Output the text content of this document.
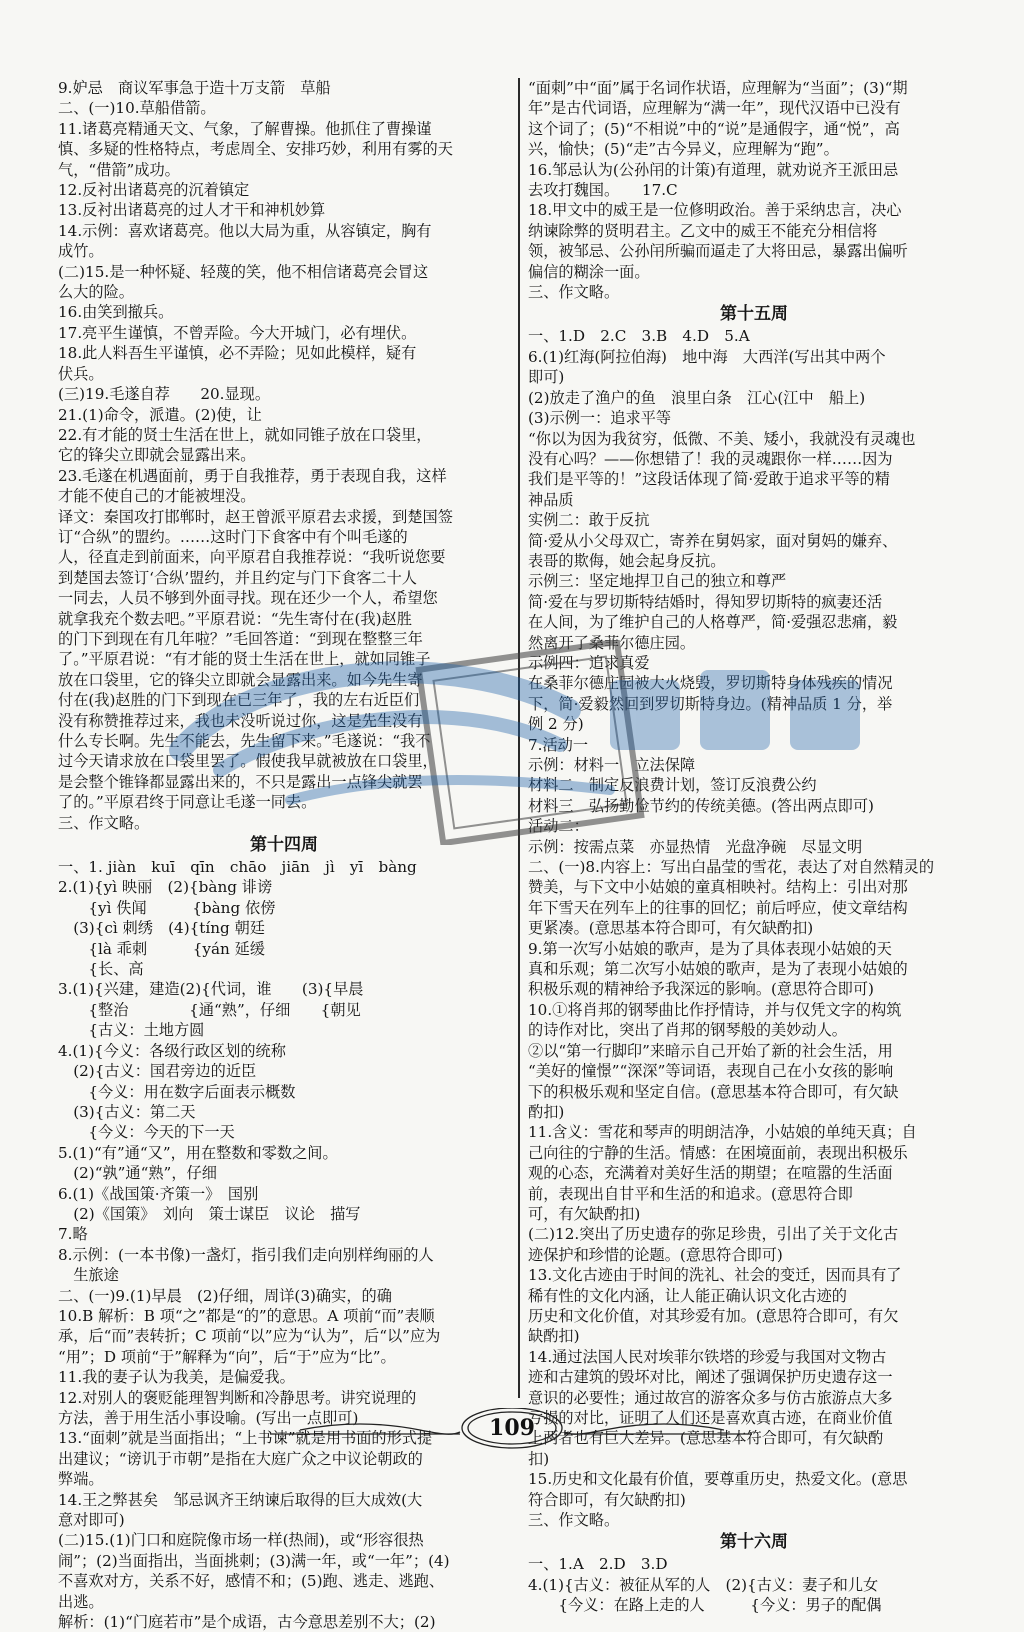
9.妒忌　商议军事急于造十万支箭　草船
二、(一)10.草船借箭。
11.诸葛亮精通天文、气象，了解曹操。他抓住了曹操谨
慎、多疑的性格特点，考虑周全、安排巧妙，利用有雾的天
气，“借箭”成功。
12.反衬出诸葛亮的沉着镇定
13.反衬出诸葛亮的过人才干和神机妙算
14.示例：喜欢诸葛亮。他以大局为重，从容镇定，胸有
成竹。
(二)15.是一种怀疑、轻蔑的笑，他不相信诸葛亮会冒这
么大的险。
16.由笑到撤兵。
17.亮平生谨慎，不曾弄险。今大开城门，必有埋伏。
18.此人料吾生平谨慎，必不弄险；见如此模样，疑有
伏兵。
(三)19.毛遂自荐　　20.显现。
21.(1)命令，派遣。(2)使，让
22.有才能的贤士生活在世上，就如同锥子放在口袋里，
它的锋尖立即就会显露出来。
23.毛遂在机遇面前，勇于自我推荐，勇于表现自我，这样
才能不使自己的才能被埋没。
译文：秦国攻打邯郸时，赵王曾派平原君去求援，到楚国签
订“合纵”的盟约。……这时门下食客中有个叫毛遂的
人，径直走到前面来，向平原君自我推荐说：“我听说您要
到楚国去签订‘合纵’盟约，并且约定与门下食客二十人
一同去，人员不够到外面寻找。现在还少一个人，希望您
就拿我充个数去吧。”平原君说：“先生寄付在(我)赵胜
的门下到现在有几年啦？”毛回答道：“到现在整整三年
了。”平原君说：“有才能的贤士生活在世上，就如同锥子
放在口袋里，它的锋尖立即就会显露出来。如今先生寄
付在(我)赵胜的门下到现在已三年了，我的左右近臣们
没有称赞推荐过来，我也未没听说过你，这是先生没有
什么专长啊。先生不能去，先生留下来。”毛遂说：“我不
过今天请求放在口袋里罢了。假使我早就被放在口袋里，
是会整个锥锋都显露出来的，不只是露出一点锋尖就罢
了的。”平原君终于同意让毛遂一同去。
三、作文略。
第十四周
一、1. jiàn　kuī　qīn　chāo　jiān　jì　yī　bàng
2.(1){yì 映丽　(2){bàng 诽谤
　　{yì 佚闻　　　{bàng 依傍
　(3){cì 刺绣　(4){tíng 朝廷
　　{là 乖刺　　　{yán 延缓
　　{长、高
3.(1){兴建，建造(2){代词，谁　　(3){早晨
　　{整治　　　　{通“熟”，仔细　　{朝见
　　{古义：土地方圆
4.(1){今义：各级行政区划的统称
　(2){古义：国君旁边的近臣
　　{今义：用在数字后面表示概数
　(3){古义：第二天
　　{今义：今天的下一天
5.(1)“有”通“又”，用在整数和零数之间。
　(2)“孰”通“熟”，仔细
6.(1)《战国策·齐策一》　国别
　(2)《国策》　刘向　策士谋臣　议论　描写
7.略
8.示例：(一本书像)一盏灯，指引我们走向别样绚丽的人
　生旅途
二、(一)9.(1)早晨　(2)仔细，周详(3)确实，的确
10.B 解析：B 项“之”都是“的”的意思。A 项前“而”表顺
承，后“而”表转折；C 项前“以”应为“认为”，后“以”应为
“用”；D 项前“于”解释为“向”，后“于”应为“比”。
11.我的妻子认为我美，是偏爱我。
12.对别人的褒贬能理智判断和冷静思考。讲究说理的
方法，善于用生活小事设喻。(写出一点即可)
13.“面刺”就是当面指出；“上书谏”就是用书面的形式提
出建议；“谤讥于市朝”是指在大庭广众之中议论朝政的
弊端。
14.王之弊甚矣　邹忌讽齐王纳谏后取得的巨大成效(大
意对即可)
(二)15.(1)门口和庭院像市场一样(热闹)，或“形容很热
闹”；(2)当面指出，当面挑刺；(3)满一年，或“一年”；(4)
不喜欢对方，关系不好，感情不和；(5)跑、逃走、逃跑、
出逃。
解析：(1)“门庭若市”是个成语，古今意思差别不大；(2)
“面刺”中“面”属于名词作状语，应理解为“当面”；(3)“期
年”是古代词语，应理解为“满一年”，现代汉语中已没有
这个词了；(5)“不相说”中的“说”是通假字，通“悦”，高
兴，愉快；(5)“走”古今异义，应理解为“跑”。
16.邹忌认为(公孙闬的计策)有道理，就劝说齐王派田忌
去攻打魏国。　　17.C
18.甲文中的威王是一位修明政治。善于采纳忠言，决心
纳谏除弊的贤明君主。乙文中的威王不能充分相信将
领，被邹忌、公孙闬所骗而逼走了大将田忌，暴露出偏听
偏信的糊涂一面。
三、作文略。
第十五周
一、1.D　2.C　3.B　4.D　5.A
6.(1)红海(阿拉伯海)　地中海　大西洋(写出其中两个
即可)
(2)放走了渔户的鱼　浪里白条　江心(江中　船上)
(3)示例一：追求平等
“你以为因为我贫穷，低微、不美、矮小，我就没有灵魂也
没有心吗？——你想错了！我的灵魂跟你一样……因为
我们是平等的！”这段话体现了简·爱敢于追求平等的精
神品质
实例二：敢于反抗
简·爱从小父母双亡，寄养在舅妈家，面对舅妈的嫌弃、
表哥的欺侮，她会起身反抗。
示例三：坚定地捍卫自己的独立和尊严
简·爱在与罗切斯特结婚时，得知罗切斯特的疯妻还活
在人间，为了维护自己的人格尊严，简·爱强忍悲痛，毅
然离开了桑菲尔德庄园。
示例四：追求真爱
在桑菲尔德庄园被大火烧毁，罗切斯特身体残疾的情况
下，简·爱毅然回到罗切斯特身边。(精神品质 1 分，举
例 2 分)
7.活动一
示例：材料一　立法保障
材料二　制定反浪费计划，签订反浪费公约
材料三　弘扬勤俭节约的传统美德。(答出两点即可)
活动二：
示例：按需点菜　亦显热情　光盘净碗　尽显文明
二、(一)8.内容上：写出白晶莹的雪花，表达了对自然精灵的
赞美，与下文中小姑娘的童真相映衬。结构上：引出对那
年下雪天在列车上的往事的回忆；前后呼应，使文章结构
更紧凑。(意思基本符合即可，有欠缺酌扣)
9.第一次写小姑娘的歌声，是为了具体表现小姑娘的天
真和乐观；第二次写小姑娘的歌声，是为了表现小姑娘的
积极乐观的精神给予我深远的影响。(意思符合即可)
10.①将肖邦的钢琴曲比作抒情诗，并与仅凭文字的构筑
的诗作对比，突出了肖邦的钢琴般的美妙动人。
②以“第一行脚印”来暗示自己开始了新的社会生活，用
“美好的憧憬”“深深”等词语，表现自己在小女孩的影响
下的积极乐观和坚定自信。(意思基本符合即可，有欠缺
酌扣)
11.含义：雪花和琴声的明朗洁净，小姑娘的单纯天真；自
己向往的宁静的生活。情感：在困境面前，表现出积极乐
观的心态，充满着对美好生活的期望；在喧嚣的生活面
前，表现出自甘平和生活的和追求。(意思符合即
可，有欠缺酌扣)
(二)12.突出了历史遗存的弥足珍贵，引出了关于文化古
迹保护和珍惜的论题。(意思符合即可)
13.文化古迹由于时间的洗礼、社会的变迁，因而具有了
稀有性的文化内涵，让人能正确认识文化古迹的
历史和文化价值，对其珍爱有加。(意思符合即可，有欠
缺酌扣)
14.通过法国人民对埃菲尔铁塔的珍爱与我国对文物古
迹和古建筑的毁坏对比，阐述了强调保护历史遗存这一
意识的必要性；通过故宫的游客众多与仿古旅游点大多
亏损的对比，证明了人们还是喜欢真古迹，在商业价值
上两者也有巨大差异。(意思基本符合即可，有欠缺酌
扣)
15.历史和文化最有价值，要尊重历史，热爱文化。(意思
符合即可，有欠缺酌扣)
三、作文略。
第十六周
一、1.A　2.D　3.D
4.(1){古义：被征从军的人　(2){古义：妻子和儿女
　　{今义：在路上走的人　　　{今义：男子的配偶
109
